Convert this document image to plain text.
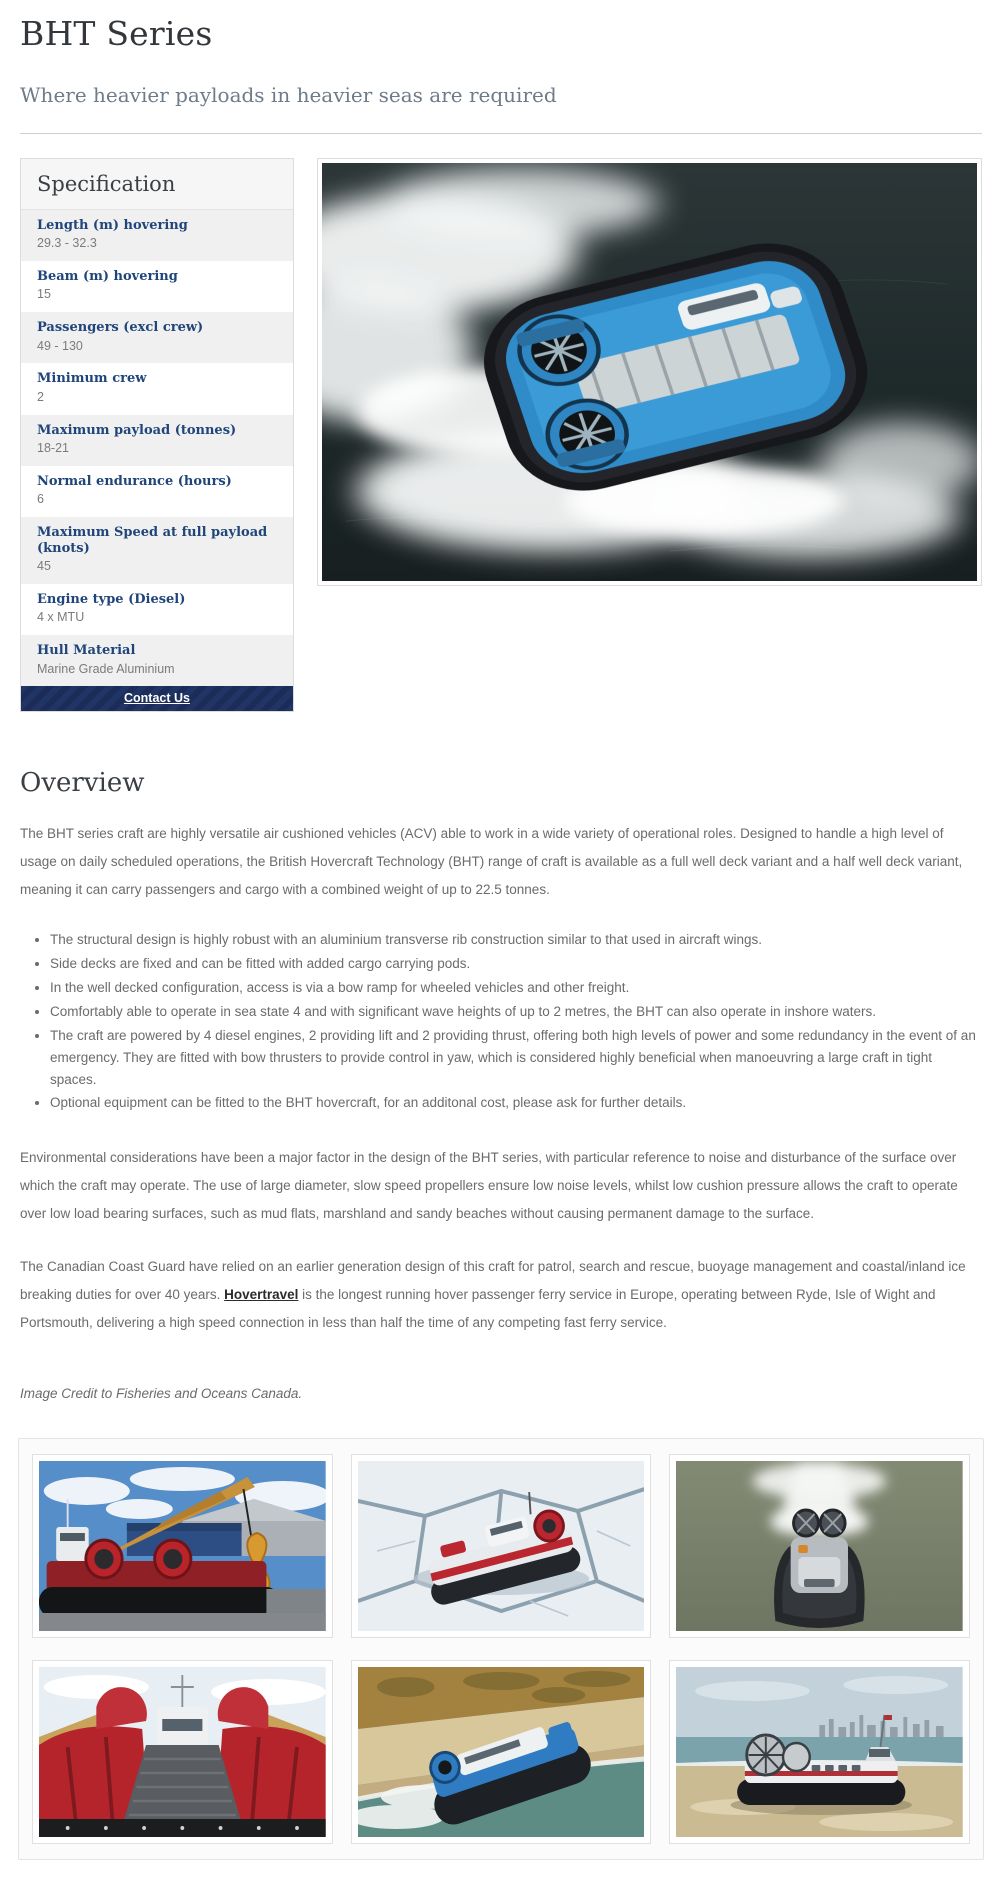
BHT Series
Where heavier payloads in heavier seas are required
Specification
Length (m) hovering
29.3 - 32.3
Beam (m) hovering
15
Passengers (excl crew)
49 - 130
Minimum crew
2
Maximum payload (tonnes)
18-21
Normal endurance (hours)
6
Maximum Speed at full payload (knots)
45
Engine type (Diesel)
4 x MTU
Hull Material
Marine Grade Aluminium
Contact Us
Overview

The BHT series craft are highly versatile air cushioned vehicles (ACV) able to work in a wide variety of operational roles. Designed to handle a high level of usage on daily scheduled operations, the British Hovercraft Technology (BHT) range of craft is available as a full well deck variant and a half well deck variant, meaning it can carry passengers and cargo with a combined weight of up to 22.5 tonnes.

• The structural design is highly robust with an aluminium transverse rib construction similar to that used in aircraft wings.
• Side decks are fixed and can be fitted with added cargo carrying pods.
• In the well decked configuration, access is via a bow ramp for wheeled vehicles and other freight.
• Comfortably able to operate in sea state 4 and with significant wave heights of up to 2 metres, the BHT can also operate in inshore waters.
• The craft are powered by 4 diesel engines, 2 providing lift and 2 providing thrust, offering both high levels of power and some redundancy in the event of an emergency. They are fitted with bow thrusters to provide control in yaw, which is considered highly beneficial when manoeuvring a large craft in tight spaces.
• Optional equipment can be fitted to the BHT hovercraft, for an additonal cost, please ask for further details.

Environmental considerations have been a major factor in the design of the BHT series, with particular reference to noise and disturbance of the surface over which the craft may operate. The use of large diameter, slow speed propellers ensure low noise levels, whilst low cushion pressure allows the craft to operate over low load bearing surfaces, such as mud flats, marshland and sandy beaches without causing permanent damage to the surface.

The Canadian Coast Guard have relied on an earlier generation design of this craft for patrol, search and rescue, buoyage management and coastal/inland ice breaking duties for over 40 years. Hovertravel is the longest running hover passenger ferry service in Europe, operating between Ryde, Isle of Wight and Portsmouth, delivering a high speed connection in less than half the time of any competing fast ferry service.

Image Credit to Fisheries and Oceans Canada.
